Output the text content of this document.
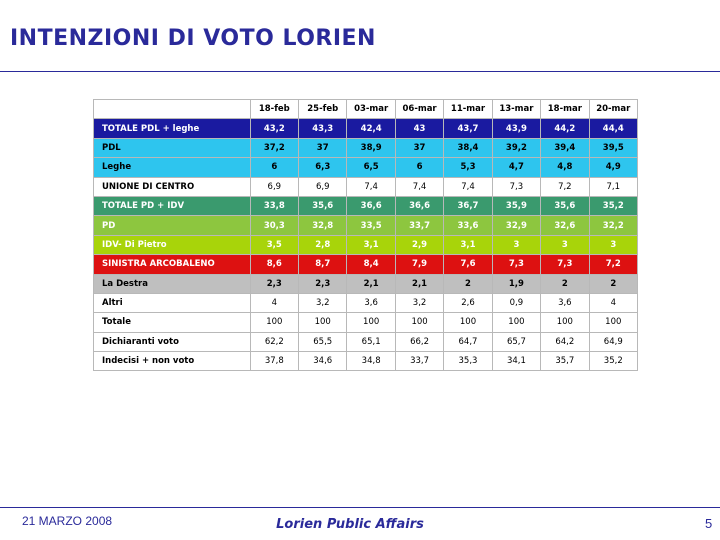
INTENZIONI DI VOTO LORIEN
	18-feb	25-feb	03-mar	06-mar	11-mar	13-mar	18-mar	20-mar
TOTALE PDL + leghe	43,2	43,3	42,4	43	43,7	43,9	44,2	44,4
PDL	37,2	37	38,9	37	38,4	39,2	39,4	39,5
Leghe	6	6,3	6,5	6	5,3	4,7	4,8	4,9
UNIONE DI CENTRO	6,9	6,9	7,4	7,4	7,4	7,3	7,2	7,1
TOTALE PD + IDV	33,8	35,6	36,6	36,6	36,7	35,9	35,6	35,2
PD	30,3	32,8	33,5	33,7	33,6	32,9	32,6	32,2
IDV- Di Pietro	3,5	2,8	3,1	2,9	3,1	3	3	3
SINISTRA ARCOBALENO	8,6	8,7	8,4	7,9	7,6	7,3	7,3	7,2
La Destra	2,3	2,3	2,1	2,1	2	1,9	2	2
Altri	4	3,2	3,6	3,2	2,6	0,9	3,6	4
Totale	100	100	100	100	100	100	100	100
Dichiaranti voto	62,2	65,5	65,1	66,2	64,7	65,7	64,2	64,9
Indecisi + non voto	37,8	34,6	34,8	33,7	35,3	34,1	35,7	35,2
21 MARZO 2008	Lorien Public Affairs	5
